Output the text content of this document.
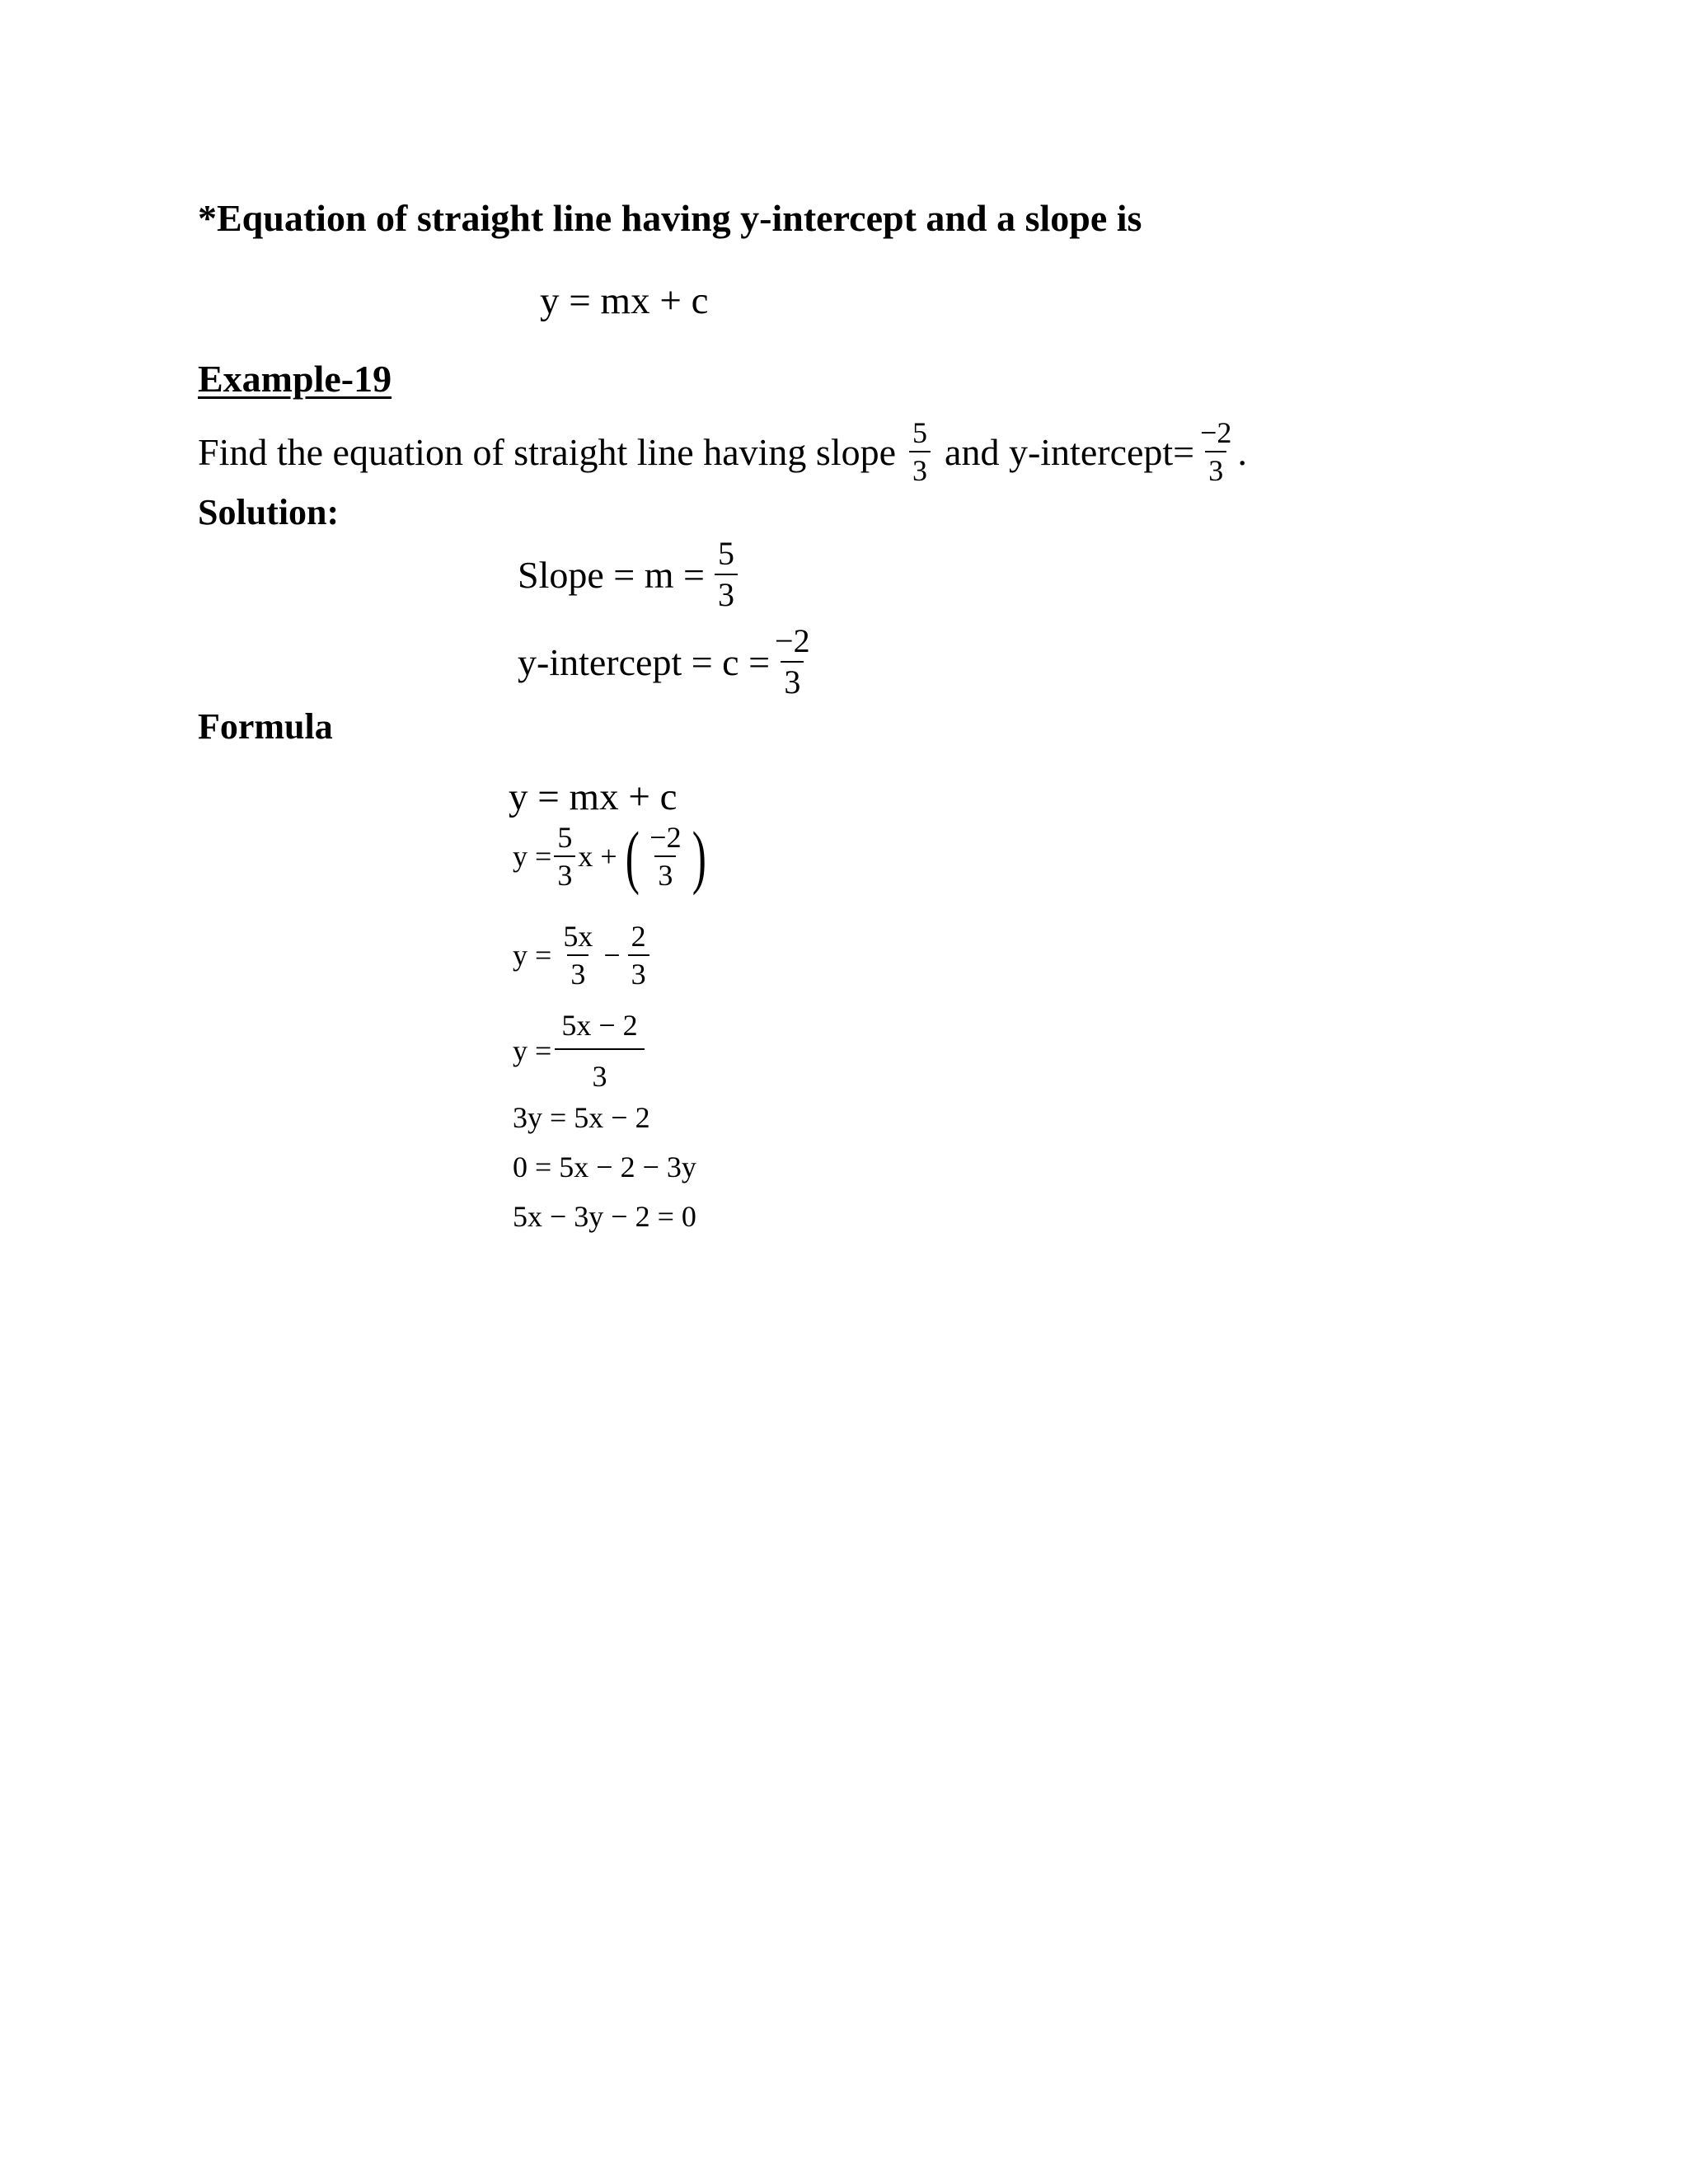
*Equation of straight line having y-intercept and a slope is
y = mx + c
Example-19
Find the equation of straight line having slope $\frac{5}{3}$ and y-intercept= $\frac{-2}{3}$ .
Solution:
Slope = $m = \frac{5}{3}$
y-intercept = $c = \frac{-2}{3}$
Formula
y = mx + c
$y = \frac{5}{3}$ x + ( $\frac{-2}{3}$ )
$y = \frac{5x}{3} - \frac{2}{3}$
$y = \frac{5x - 2}{3}$
3y = 5x − 2
0 = 5x − 2 − 3y
5x − 3y − 2 = 0
